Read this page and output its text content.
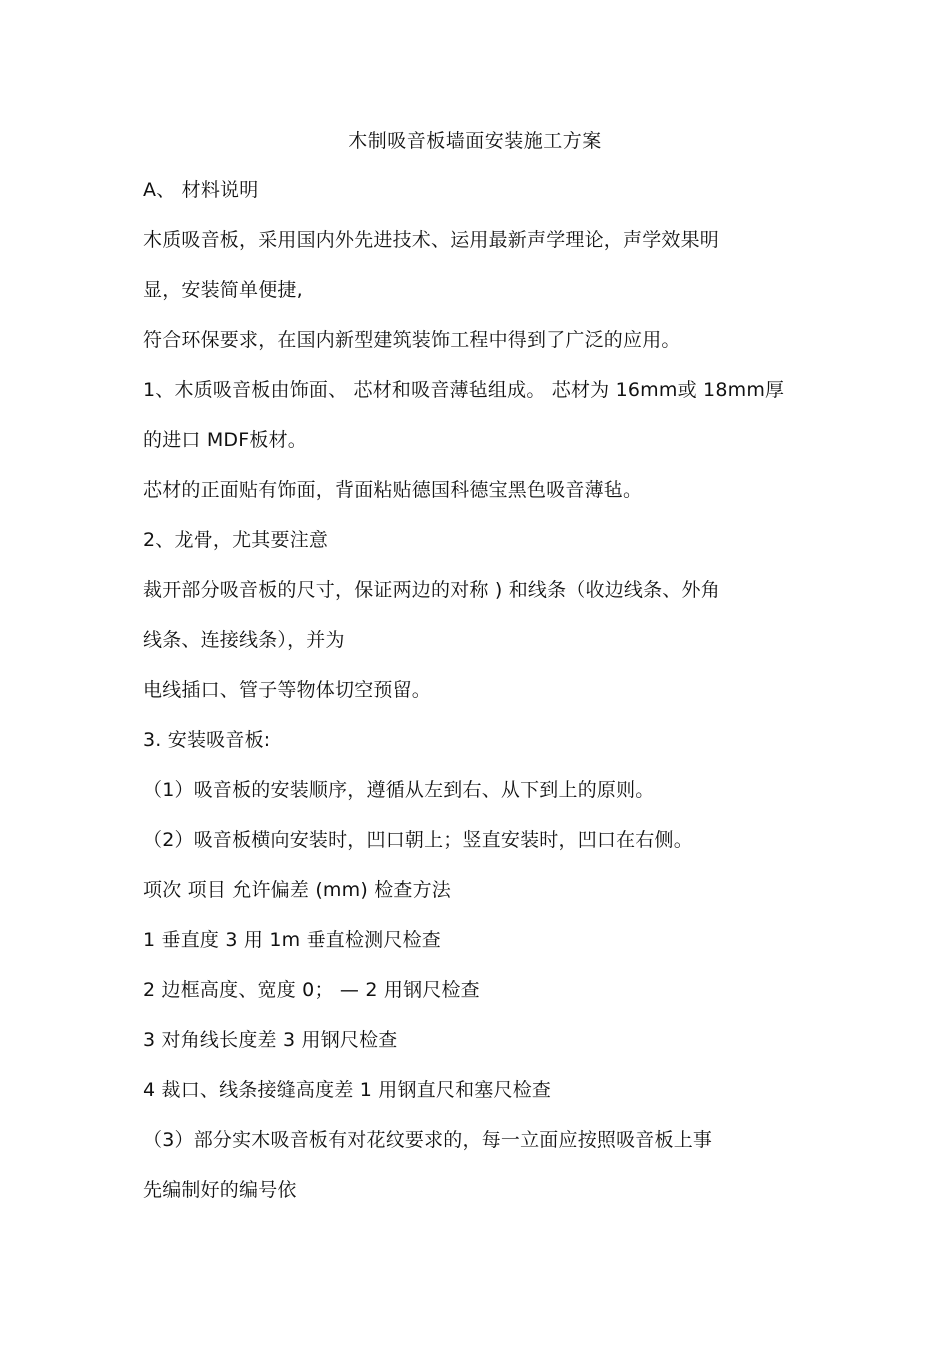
木制吸音板墙面安装施工方案
A、 材料说明
木质吸音板，采用国内外先进技术、运用最新声学理论，声学效果明
显，安装简单便捷,
符合环保要求，在国内新型建筑装饰工程中得到了广泛的应用。
1、木质吸音板由饰面、 芯材和吸音薄毡组成。 芯材为 16mm或 18mm厚
的进口 MDF板材。
芯材的正面贴有饰面，背面粘贴德国科德宝黑色吸音薄毡。
2、龙骨，尤其要注意
裁开部分吸音板的尺寸，保证两边的对称 ) 和线条（收边线条、外角
线条、连接线条），并为
电线插口、管子等物体切空预留。
3. 安装吸音板:
（1）吸音板的安装顺序，遵循从左到右、从下到上的原则。
（2）吸音板横向安装时，凹口朝上；竖直安装时，凹口在右侧。
项次 项目 允许偏差 (mm) 检查方法
1 垂直度 3 用 1m 垂直检测尺检查
2 边框高度、宽度 0； — 2 用钢尺检查
3 对角线长度差 3 用钢尺检查
4 裁口、线条接缝高度差 1 用钢直尺和塞尺检查
（3）部分实木吸音板有对花纹要求的，每一立面应按照吸音板上事
先编制好的编号依
